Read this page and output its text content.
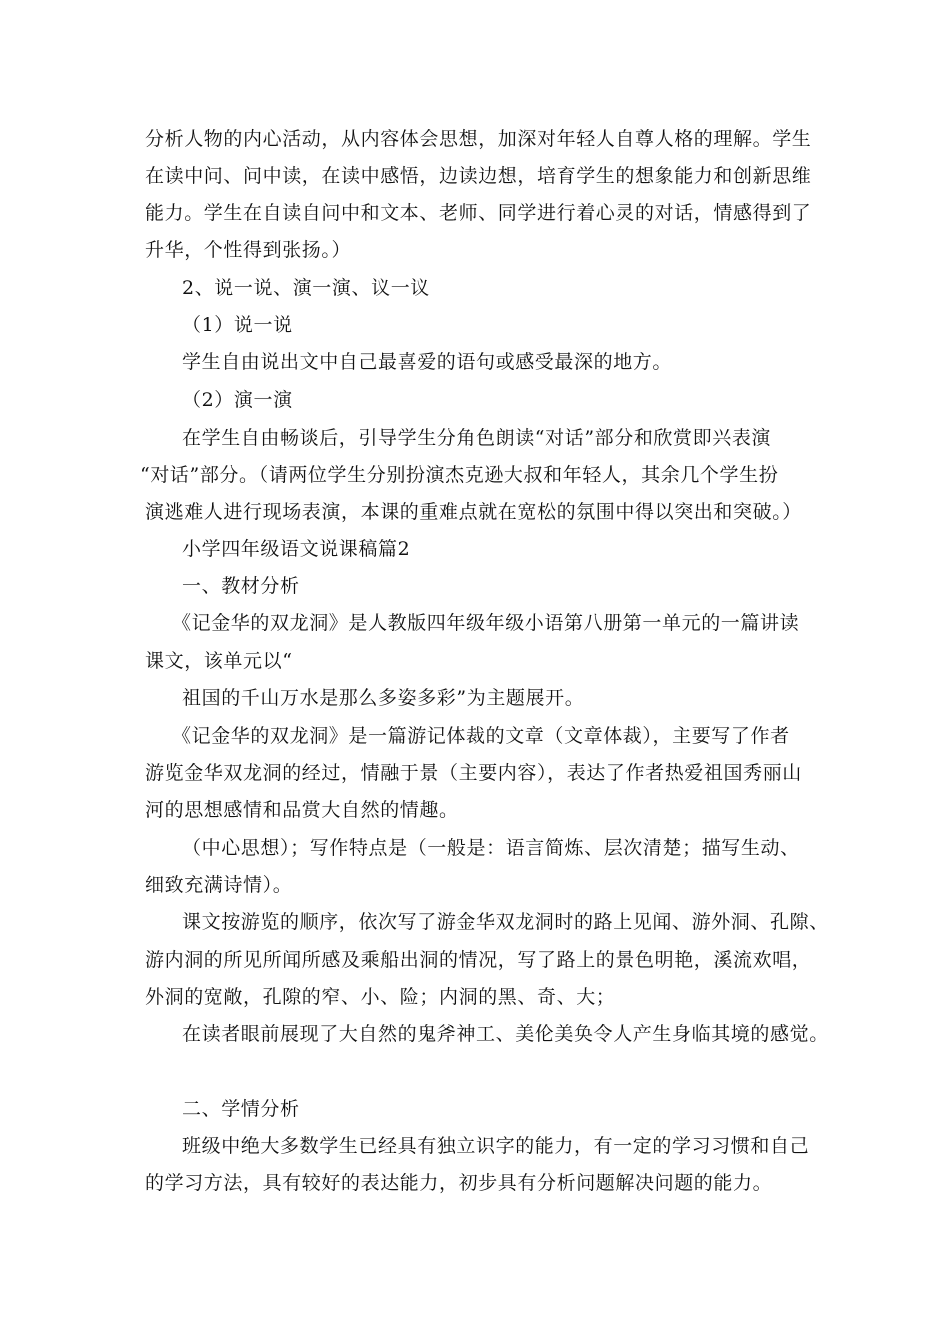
分析人物的内心活动，从内容体会思想，加深对年轻人自尊人格的理解。学生
在读中问、问中读，在读中感悟，边读边想，培育学生的想象能力和创新思维
能力。学生在自读自问中和文本、老师、同学进行着心灵的对话，情感得到了
升华，个性得到张扬。）
2、说一说、演一演、议一议
（1）说一说
学生自由说出文中自己最喜爱的语句或感受最深的地方。
（2）演一演
在学生自由畅谈后，引导学生分角色朗读“对话”部分和欣赏即兴表演
“对话”部分。（请两位学生分别扮演杰克逊大叔和年轻人，其余几个学生扮
演逃难人进行现场表演，本课的重难点就在宽松的氛围中得以突出和突破。）
小学四年级语文说课稿篇2
一、教材分析
《记金华的双龙洞》是人教版四年级年级小语第八册第一单元的一篇讲读
课文，该单元以“
祖国的千山万水是那么多姿多彩”为主题展开。
《记金华的双龙洞》是一篇游记体裁的文章（文章体裁），主要写了作者
游览金华双龙洞的经过，情融于景（主要内容），表达了作者热爱祖国秀丽山
河的思想感情和品赏大自然的情趣。
（中心思想）；写作特点是（一般是：语言简炼、层次清楚；描写生动、
细致充满诗情）。
课文按游览的顺序，依次写了游金华双龙洞时的路上见闻、游外洞、孔隙、
游内洞的所见所闻所感及乘船出洞的情况，写了路上的景色明艳，溪流欢唱，
外洞的宽敞，孔隙的窄、小、险；内洞的黑、奇、大；
在读者眼前展现了大自然的鬼斧神工、美伦美奂令人产生身临其境的感觉。
二、学情分析
班级中绝大多数学生已经具有独立识字的能力，有一定的学习习惯和自己
的学习方法，具有较好的表达能力，初步具有分析问题解决问题的能力。
